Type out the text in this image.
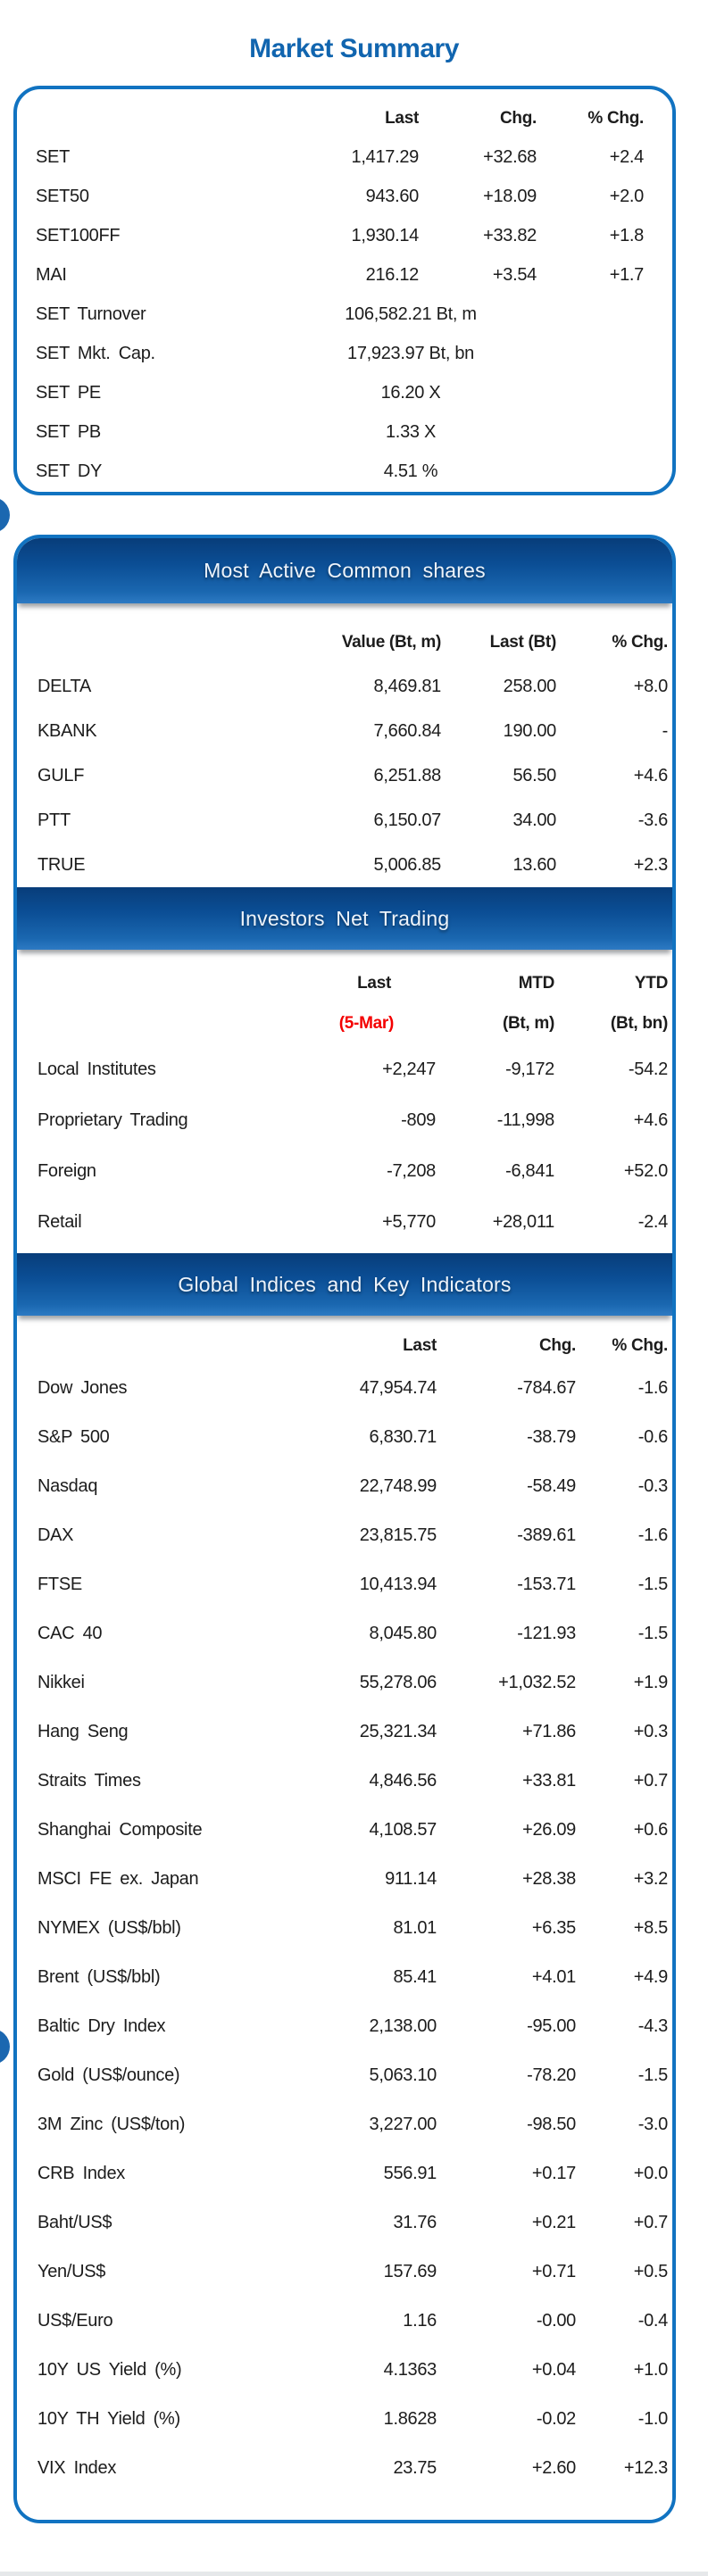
Market Summary
Last	Chg.	% Chg.
SET	1,417.29	+32.68	+2.4
SET50	943.60	+18.09	+2.0
SET100FF	1,930.14	+33.82	+1.8
MAI	216.12	+3.54	+1.7
SET Turnover	106,582.21 Bt, m
SET Mkt. Cap.	17,923.97 Bt, bn
SET PE	16.20 X
SET PB	1.33 X
SET DY	4.51 %
Most Active Common shares
Value (Bt, m)	Last (Bt)	% Chg.
DELTA	8,469.81	258.00	+8.0
KBANK	7,660.84	190.00	-
GULF	6,251.88	56.50	+4.6
PTT	6,150.07	34.00	-3.6
TRUE	5,006.85	13.60	+2.3
Investors Net Trading
Last	MTD	YTD
(5-Mar)	(Bt, m)	(Bt, bn)
Local Institutes	+2,247	-9,172	-54.2
Proprietary Trading	-809	-11,998	+4.6
Foreign	-7,208	-6,841	+52.0
Retail	+5,770	+28,011	-2.4
Global Indices and Key Indicators
Last	Chg.	% Chg.
Dow Jones	47,954.74	-784.67	-1.6
S&P 500	6,830.71	-38.79	-0.6
Nasdaq	22,748.99	-58.49	-0.3
DAX	23,815.75	-389.61	-1.6
FTSE	10,413.94	-153.71	-1.5
CAC 40	8,045.80	-121.93	-1.5
Nikkei	55,278.06	+1,032.52	+1.9
Hang Seng	25,321.34	+71.86	+0.3
Straits Times	4,846.56	+33.81	+0.7
Shanghai Composite	4,108.57	+26.09	+0.6
MSCI FE ex. Japan	911.14	+28.38	+3.2
NYMEX (US$/bbl)	81.01	+6.35	+8.5
Brent (US$/bbl)	85.41	+4.01	+4.9
Baltic Dry Index	2,138.00	-95.00	-4.3
Gold (US$/ounce)	5,063.10	-78.20	-1.5
3M Zinc (US$/ton)	3,227.00	-98.50	-3.0
CRB Index	556.91	+0.17	+0.0
Baht/US$	31.76	+0.21	+0.7
Yen/US$	157.69	+0.71	+0.5
US$/Euro	1.16	-0.00	-0.4
10Y US Yield (%)	4.1363	+0.04	+1.0
10Y TH Yield (%)	1.8628	-0.02	-1.0
VIX Index	23.75	+2.60	+12.3
